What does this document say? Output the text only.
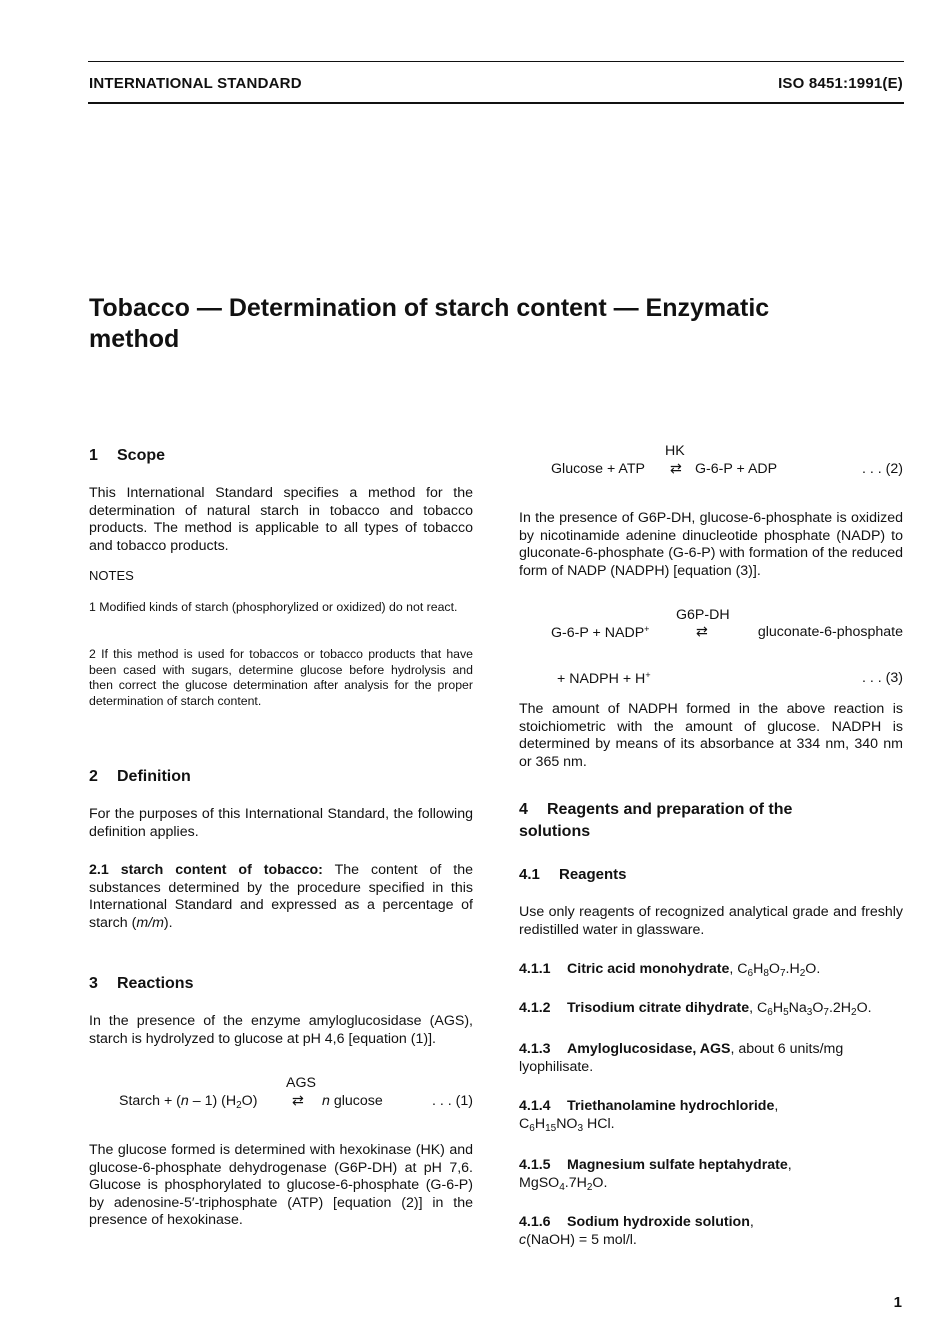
INTERNATIONAL STANDARD	ISO 8451:1991(E)
Tobacco — Determination of starch content — Enzymatic
method
1 Scope
This International Standard specifies a method for the determination of natural starch in tobacco and tobacco products. The method is applicable to all types of tobacco and tobacco products.
NOTES
1 Modified kinds of starch (phosphorylized or oxidized) do not react.
2 If this method is used for tobaccos or tobacco products that have been cased with sugars, determine glucose before hydrolysis and then correct the glucose determination after analysis for the proper determination of starch content.
2 Definition
For the purposes of this International Standard, the following definition applies.
2.1 starch content of tobacco: The content of the substances determined by the procedure specified in this International Standard and expressed as a percentage of starch (m/m).
3 Reactions
In the presence of the enzyme amyloglucosidase (AGS), starch is hydrolyzed to glucose at pH 4,6 [equation (1)].
AGS
Starch + (n – 1) $(H_2O)$ ⇄ n glucose	. . . (1)
The glucose formed is determined with hexokinase (HK) and glucose-6-phosphate dehydrogenase (G6P-DH) at pH 7,6. Glucose is phosphorylated to glucose-6-phosphate (G-6-P) by adenosine-5′-triphosphate (ATP) [equation (2)] in the presence of hexokinase.
HK
Glucose + ATP ⇄ G-6-P + ADP	. . . (2)
In the presence of G6P-DH, glucose-6-phosphate is oxidized by nicotinamide adenine dinucleotide phosphate (NADP) to gluconate-6-phosphate (G-6-P) with formation of the reduced form of NADP (NADPH) [equation (3)].
G6P-DH
G-6-P + NADP+	⇄	gluconate-6-phosphate
+ NADPH + H+	. . . (3)
The amount of NADPH formed in the above reaction is stoichiometric with the amount of glucose. NADPH is determined by means of its absorbance at 334 nm, 340 nm or 365 nm.
4 Reagents and preparation of the
solutions
4.1 Reagents
Use only reagents of recognized analytical grade and freshly redistilled water in glassware.
4.1.1 Citric acid monohydrate, $C_6H_8O_7.H_2O$.
4.1.2 Trisodium citrate dihydrate, $C_6H_5Na_3O_7.2H_2O$.
4.1.3 Amyloglucosidase, AGS, about 6 units/mg
lyophilisate.
4.1.4 Triethanolamine hydrochloride,
$C_6H_{15}NO_3$ HCl.
4.1.5 Magnesium sulfate heptahydrate,
$MgSO_4.7H_2O$.
4.1.6 Sodium hydroxide solution,
c(NaOH) = 5 mol/l.
1
